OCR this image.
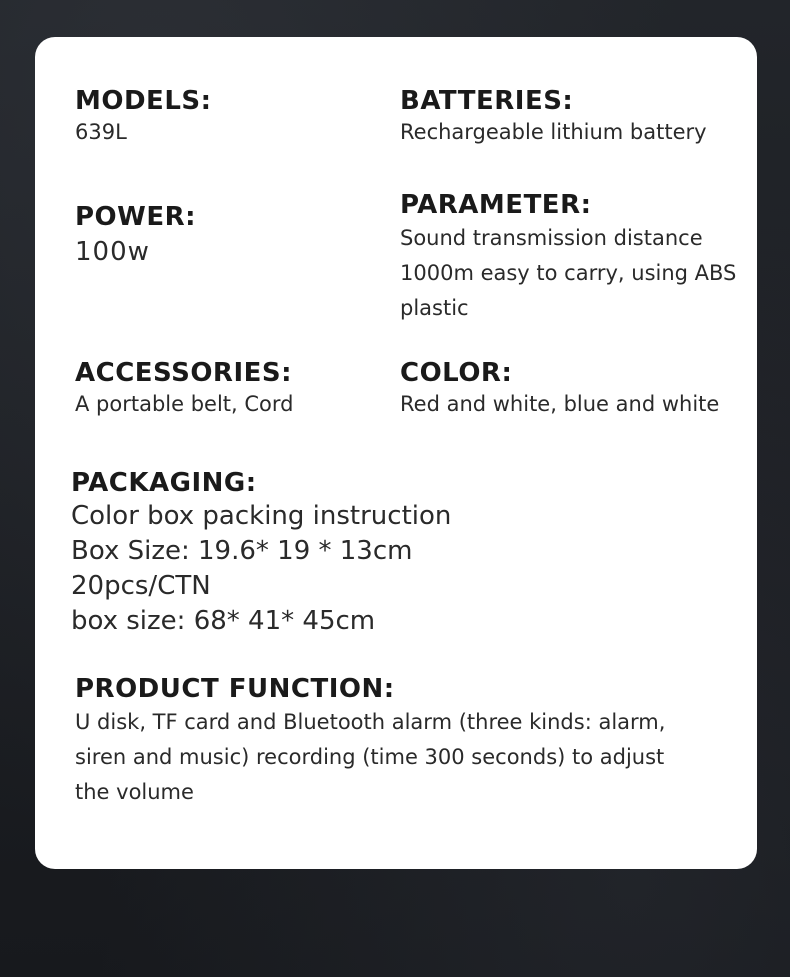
MODELS:
639L
BATTERIES:
Rechargeable lithium battery
POWER:
100w
PARAMETER:
Sound transmission distance
1000m easy to carry, using ABS
plastic
ACCESSORIES:
A portable belt, Cord
COLOR:
Red and white, blue and white
PACKAGING:
Color box packing instruction
Box Size: 19.6* 19 * 13cm
20pcs/CTN
box size: 68* 41* 45cm
PRODUCT FUNCTION:
U disk, TF card and Bluetooth alarm (three kinds: alarm,
siren and music) recording (time 300 seconds) to adjust
the volume
